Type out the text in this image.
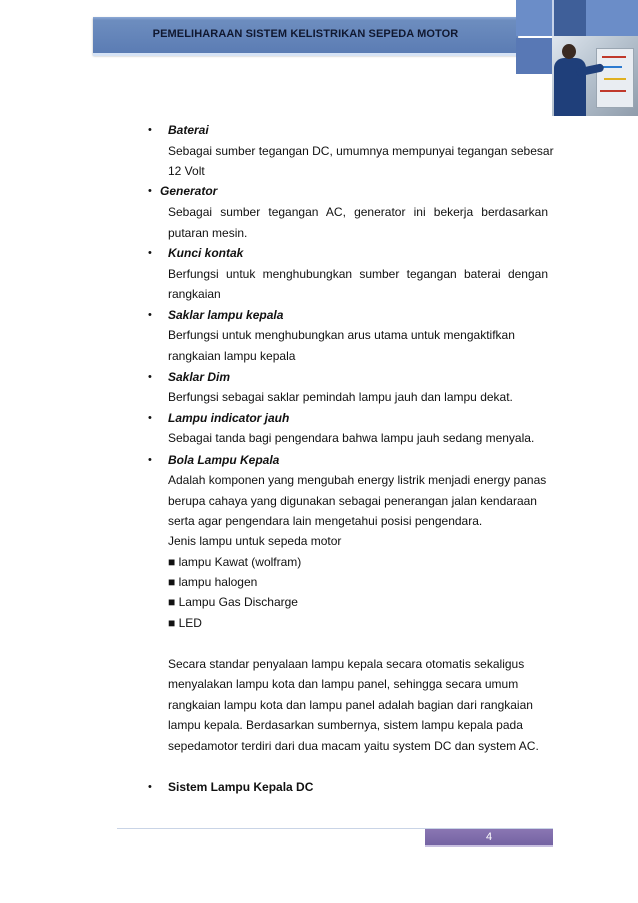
PEMELIHARAAN SISTEM KELISTRIKAN SEPEDA MOTOR
• Baterai
Sebagai sumber tegangan DC, umumnya mempunyai tegangan sebesar
12 Volt
• Generator
Sebagai sumber tegangan AC, generator ini bekerja berdasarkan
putaran mesin.
• Kunci kontak
Berfungsi untuk menghubungkan sumber tegangan baterai dengan
rangkaian
• Saklar lampu kepala
Berfungsi untuk menghubungkan arus utama untuk mengaktifkan
rangkaian lampu kepala
• Saklar Dim
Berfungsi sebagai saklar pemindah lampu jauh dan lampu dekat.
• Lampu indicator jauh
Sebagai tanda bagi pengendara bahwa lampu jauh sedang menyala.
• Bola Lampu Kepala
Adalah komponen yang mengubah energy listrik menjadi energy panas
berupa cahaya yang digunakan sebagai penerangan jalan kendaraan
serta agar pengendara lain mengetahui posisi pengendara.
Jenis lampu untuk sepeda motor
■ lampu Kawat (wolfram)
■ lampu halogen
■ Lampu Gas Discharge
■ LED
Secara standar penyalaan lampu kepala secara otomatis sekaligus
menyalakan lampu kota dan lampu panel, sehingga secara umum
rangkaian lampu kota dan lampu panel adalah bagian dari rangkaian
lampu kepala. Berdasarkan sumbernya, sistem lampu kepala pada
sepedamotor terdiri dari dua macam yaitu system DC dan system AC.
• Sistem Lampu Kepala DC
4
